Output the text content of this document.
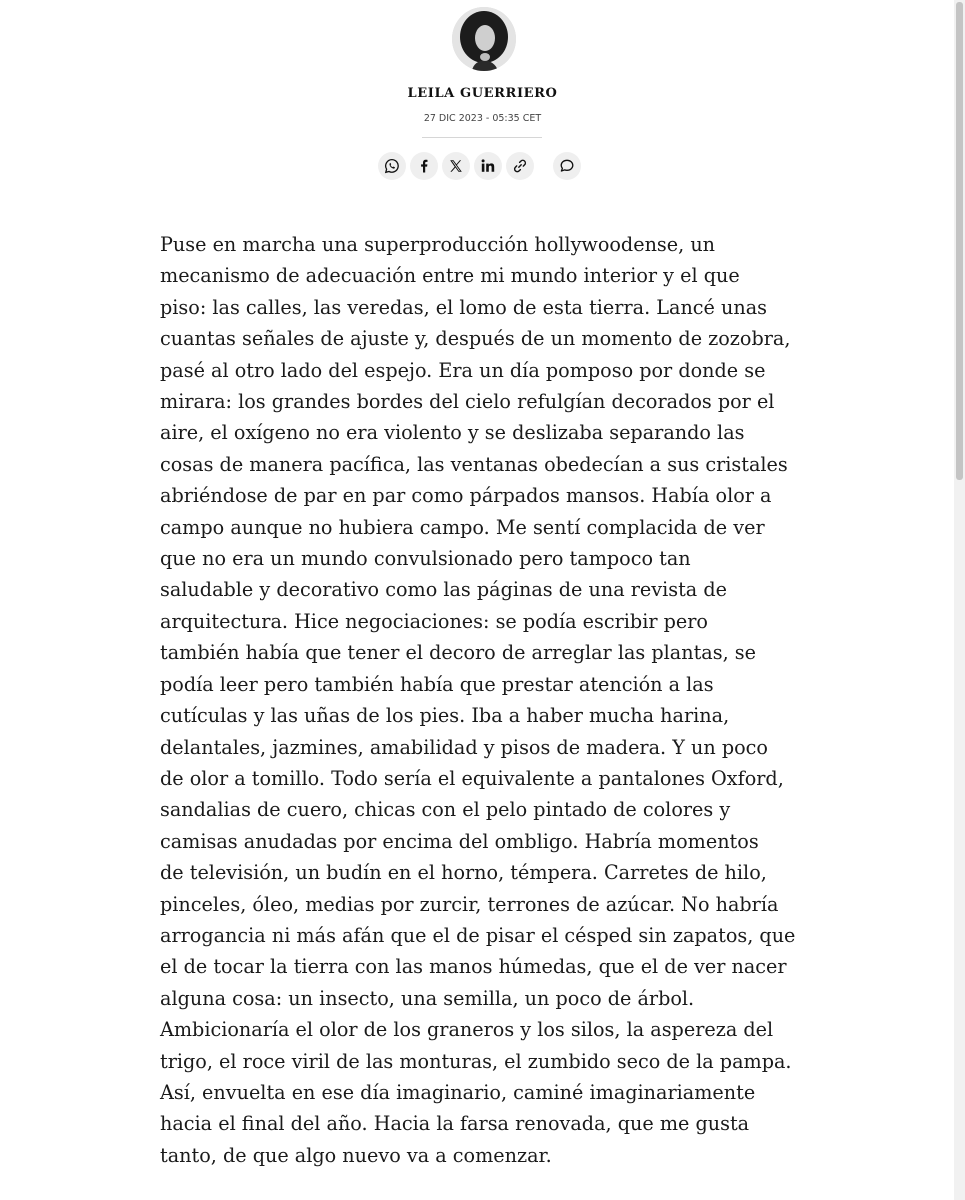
LEILA GUERRIERO
27 DIC 2023 - 05:35 CET

Puse en marcha una superproducción hollywoodense, un
mecanismo de adecuación entre mi mundo interior y el que
piso: las calles, las veredas, el lomo de esta tierra. Lancé unas
cuantas señales de ajuste y, después de un momento de zozobra,
pasé al otro lado del espejo. Era un día pomposo por donde se
mirara: los grandes bordes del cielo refulgían decorados por el
aire, el oxígeno no era violento y se deslizaba separando las
cosas de manera pacífica, las ventanas obedecían a sus cristales
abriéndose de par en par como párpados mansos. Había olor a
campo aunque no hubiera campo. Me sentí complacida de ver
que no era un mundo convulsionado pero tampoco tan
saludable y decorativo como las páginas de una revista de
arquitectura. Hice negociaciones: se podía escribir pero
también había que tener el decoro de arreglar las plantas, se
podía leer pero también había que prestar atención a las
cutículas y las uñas de los pies. Iba a haber mucha harina,
delantales, jazmines, amabilidad y pisos de madera. Y un poco
de olor a tomillo. Todo sería el equivalente a pantalones Oxford,
sandalias de cuero, chicas con el pelo pintado de colores y
camisas anudadas por encima del ombligo. Habría momentos
de televisión, un budín en el horno, témpera. Carretes de hilo,
pinceles, óleo, medias por zurcir, terrones de azúcar. No habría
arrogancia ni más afán que el de pisar el césped sin zapatos, que
el de tocar la tierra con las manos húmedas, que el de ver nacer
alguna cosa: un insecto, una semilla, un poco de árbol.
Ambicionaría el olor de los graneros y los silos, la aspereza del
trigo, el roce viril de las monturas, el zumbido seco de la pampa.
Así, envuelta en ese día imaginario, caminé imaginariamente
hacia el final del año. Hacia la farsa renovada, que me gusta
tanto, de que algo nuevo va a comenzar.
